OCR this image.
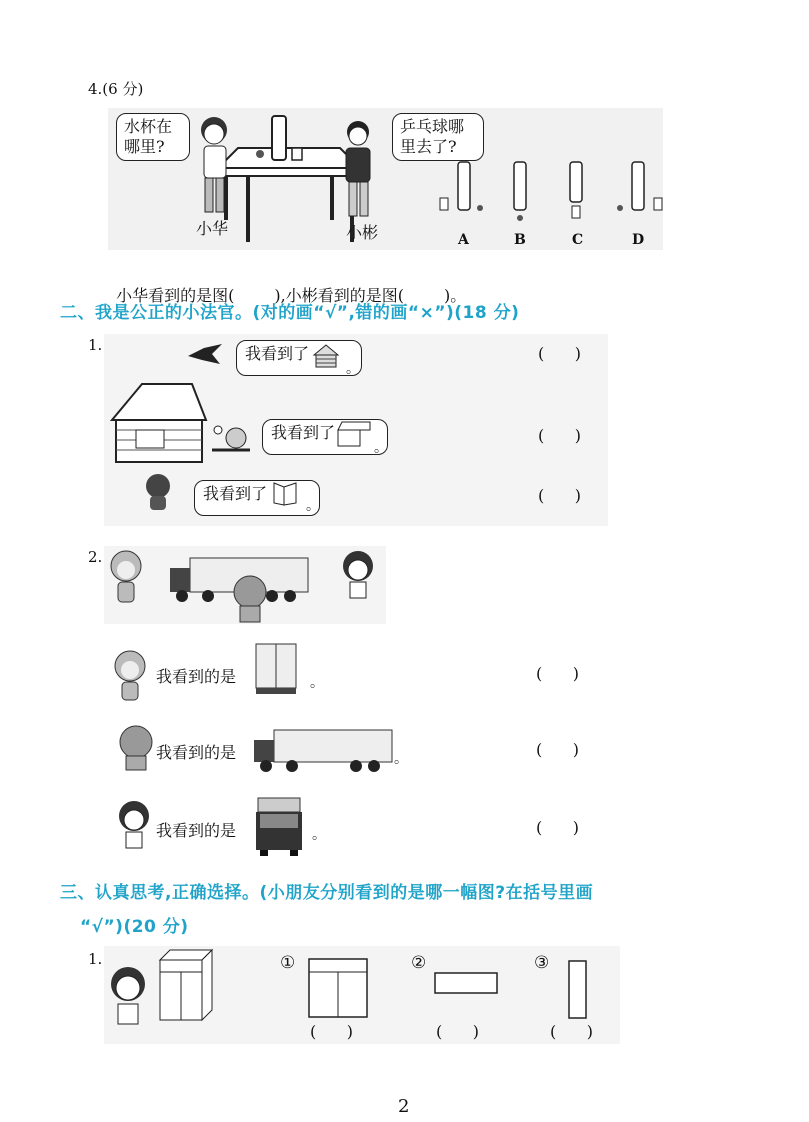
4.(6 分)
水杯在
哪里?
乒乓球哪
里去了?
小华	小彬	A	B	C	D

小华看到的是图(	),小彬看到的是图(	)。

二、我是公正的小法官。(对的画“√”,错的画“×”)(18 分)
1.	我看到了
。
我看到了
。
我看到了
。
(      )
(      )
(      )
2.
我看到的是	。	(      )
我看到的是	。	(      )
我看到的是	。	(      )
三、认真思考,正确选择。(小朋友分别看到的是哪一幅图?在括号里画
“√”)(20 分)
1.	①	②	③
(      )	(      )	(      )
2
